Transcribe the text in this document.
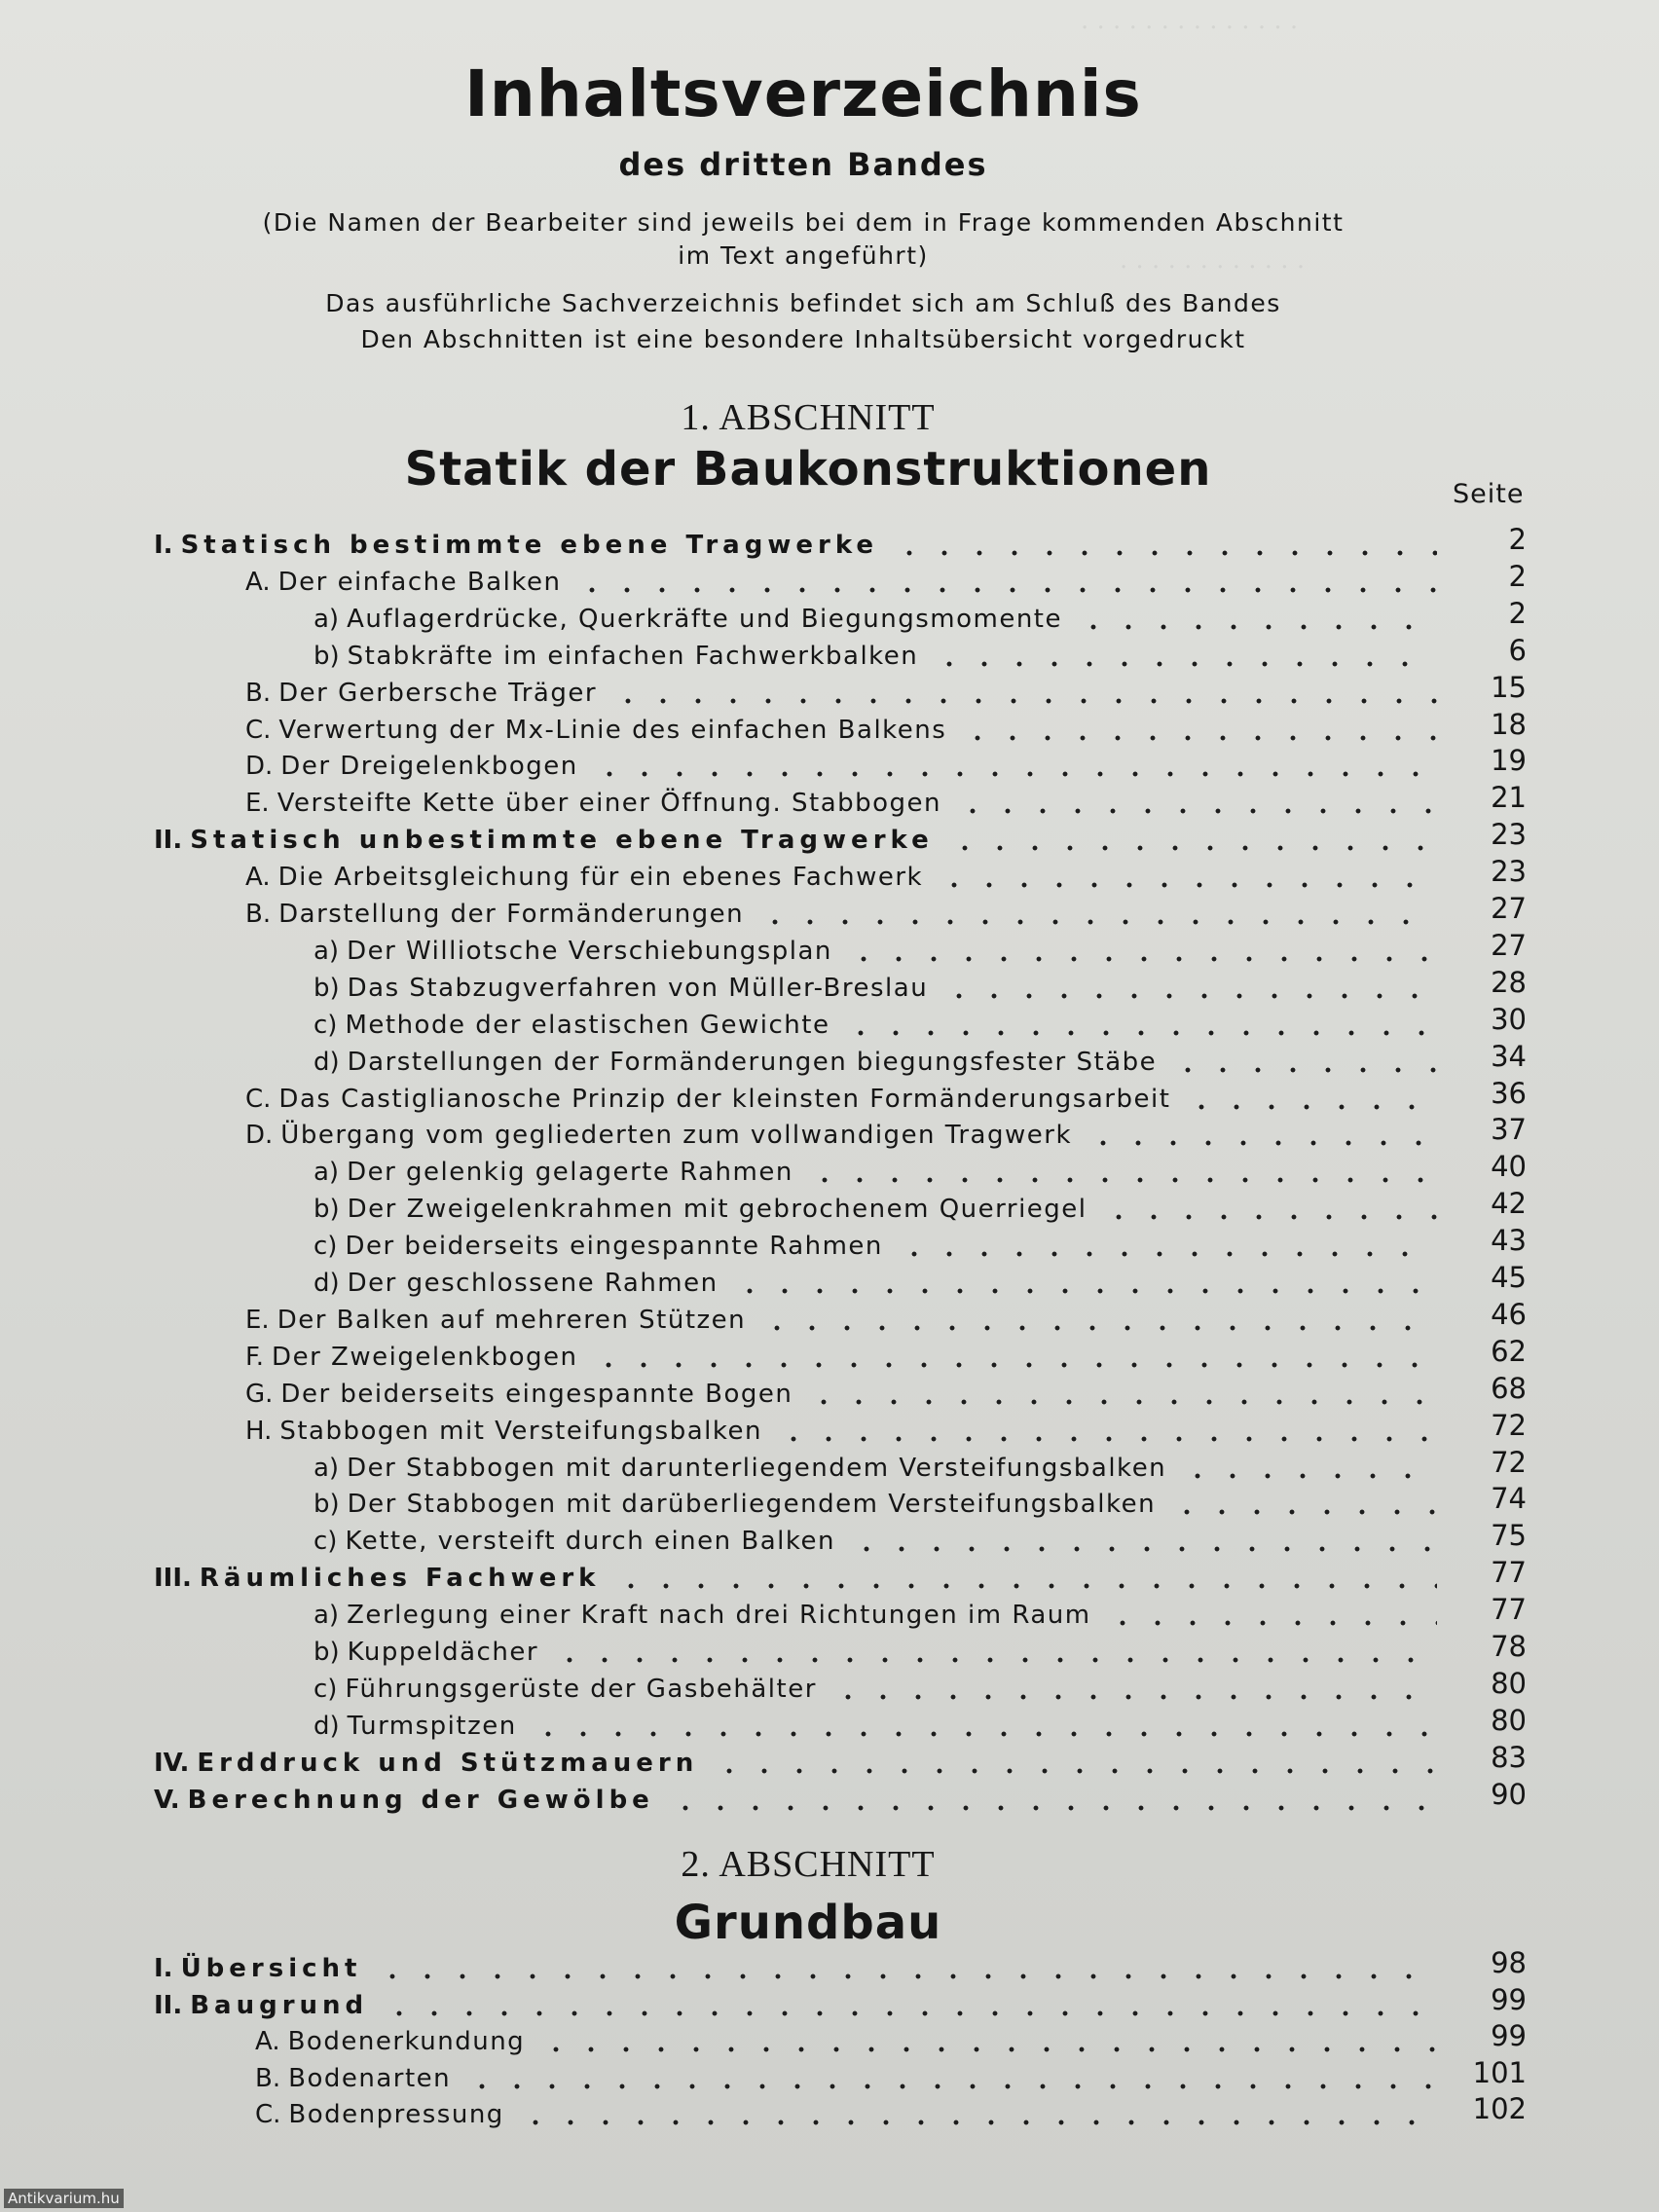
· · · · · · · · · · · · · ·
· · · · · · · · · · · ·
Inhaltsverzeichnis
des dritten Bandes
(Die Namen der Bearbeiter sind jeweils bei dem in Frage kommenden Abschnitt
im Text angeführt)
Das ausführliche Sachverzeichnis befindet sich am Schluß des Bandes
Den Abschnitten ist eine besondere Inhaltsübersicht vorgedruckt
1. ABSCHNITT
Statik der Baukonstruktionen	Seite
I. Statisch bestimmte ebene Tragwerke	2
A. Der einfache Balken	2
a) Auflagerdrücke, Querkräfte und Biegungsmomente	2
b) Stabkräfte im einfachen Fachwerkbalken	6
B. Der Gerbersche Träger	15
C. Verwertung der Mx-Linie des einfachen Balkens	18
D. Der Dreigelenkbogen	19
E. Versteifte Kette über einer Öffnung. Stabbogen	21
II. Statisch unbestimmte ebene Tragwerke	23
A. Die Arbeitsgleichung für ein ebenes Fachwerk	23
B. Darstellung der Formänderungen	27
a) Der Williotsche Verschiebungsplan	27
b) Das Stabzugverfahren von Müller-Breslau	28
c) Methode der elastischen Gewichte	30
d) Darstellungen der Formänderungen biegungsfester Stäbe	34
C. Das Castiglianosche Prinzip der kleinsten Formänderungsarbeit	36
D. Übergang vom gegliederten zum vollwandigen Tragwerk	37
a) Der gelenkig gelagerte Rahmen	40
b) Der Zweigelenkrahmen mit gebrochenem Querriegel	42
c) Der beiderseits eingespannte Rahmen	43
d) Der geschlossene Rahmen	45
E. Der Balken auf mehreren Stützen	46
F. Der Zweigelenkbogen	62
G. Der beiderseits eingespannte Bogen	68
H. Stabbogen mit Versteifungsbalken	72
a) Der Stabbogen mit darunterliegendem Versteifungsbalken	72
b) Der Stabbogen mit darüberliegendem Versteifungsbalken	74
c) Kette, versteift durch einen Balken	75
III. Räumliches Fachwerk	77
a) Zerlegung einer Kraft nach drei Richtungen im Raum	77
b) Kuppeldächer	78
c) Führungsgerüste der Gasbehälter	80
d) Turmspitzen	80
IV. Erddruck und Stützmauern	83
V. Berechnung der Gewölbe	90
2. ABSCHNITT
Grundbau
I. Übersicht	98
II. Baugrund	99
A. Bodenerkundung	99
B. Bodenarten	101
C. Bodenpressung	102
Antikvarium.hu
